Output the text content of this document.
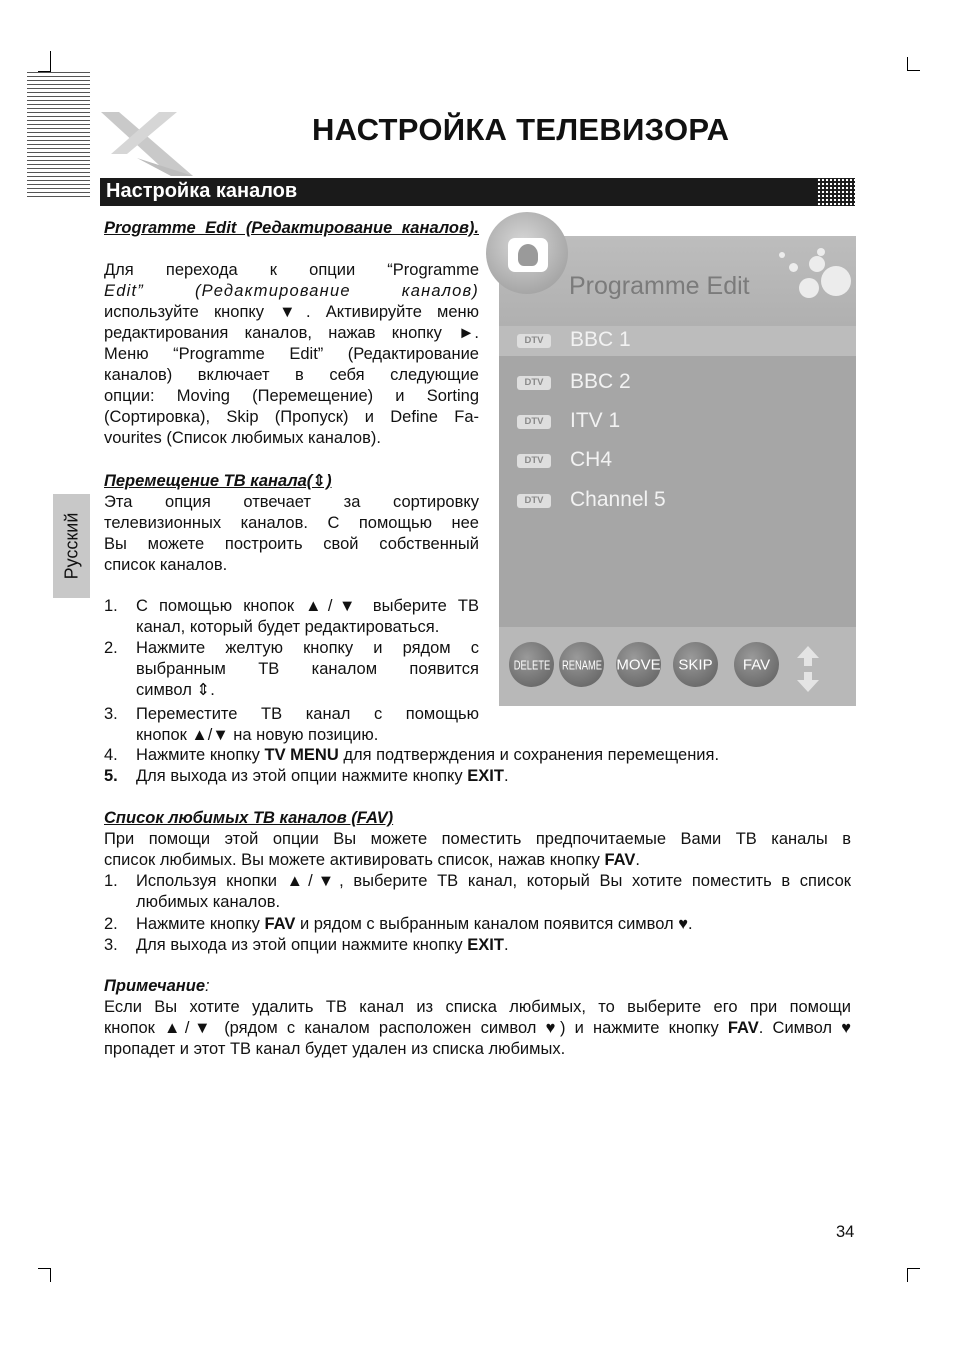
НАСТРОЙКА ТЕЛЕВИЗОРА
Настройка каналов
Русский
Programme Edit (Редактирование каналов).
Для перехода к опции “Programme
Edit” (Редактирование каналов)
используйте кнопку ▼. Активируйте меню
редактирования каналов, нажав кнопку ►.
Меню “Programme Edit” (Редактирование
каналов) включает в себя следующие
опции: Moving (Перемещение) и Sorting
(Сортировка), Skip (Пропуск) и Define Fa-
vourites (Список любимых каналов).
Перемещение ТВ канала(⇕)
Эта опция отвечает за сортировку
телевизионных каналов. С помощью нее
Вы можете построить свой собственный
список каналов.
1. С помощью кнопок ▲/▼ выберите ТВ
канал, который будет редактироваться.
2. Нажмите желтую кнопку и рядом с
выбранным ТВ каналом появится
символ ⇕.
3. Переместите ТВ канал с помощью
кнопок ▲/▼ на новую позицию.
4. Нажмите кнопку TV MENU для подтверждения и сохранения перемещения.
5. Для выхода из этой опции нажмите кнопку EXIT.
Список любимых ТВ каналов (FAV)
При помощи этой опции Вы можете поместить предпочитаемые Вами ТВ каналы в
список любимых. Вы можете активировать список, нажав кнопку FAV.
1. Используя кнопки ▲/▼, выберите ТВ канал, который Вы хотите поместить в список
любимых каналов.
2. Нажмите кнопку FAV и рядом с выбранным каналом появится символ ♥.
3. Для выхода из этой опции нажмите кнопку EXIT.
Примечание:
Если Вы хотите удалить ТВ канал из списка любимых, то выберите его при помощи
кнопок ▲/▼ (рядом с каналом расположен символ ♥) и нажмите кнопку FAV. Символ ♥
пропадет и этот ТВ канал будет удален из списка любимых.
Programme Edit
DTV	BBC 1
DTV	BBC 2
DTV	ITV 1
DTV	CH4
DTV	Channel 5
DELETE RENAME MOVE SKIP FAV
34
